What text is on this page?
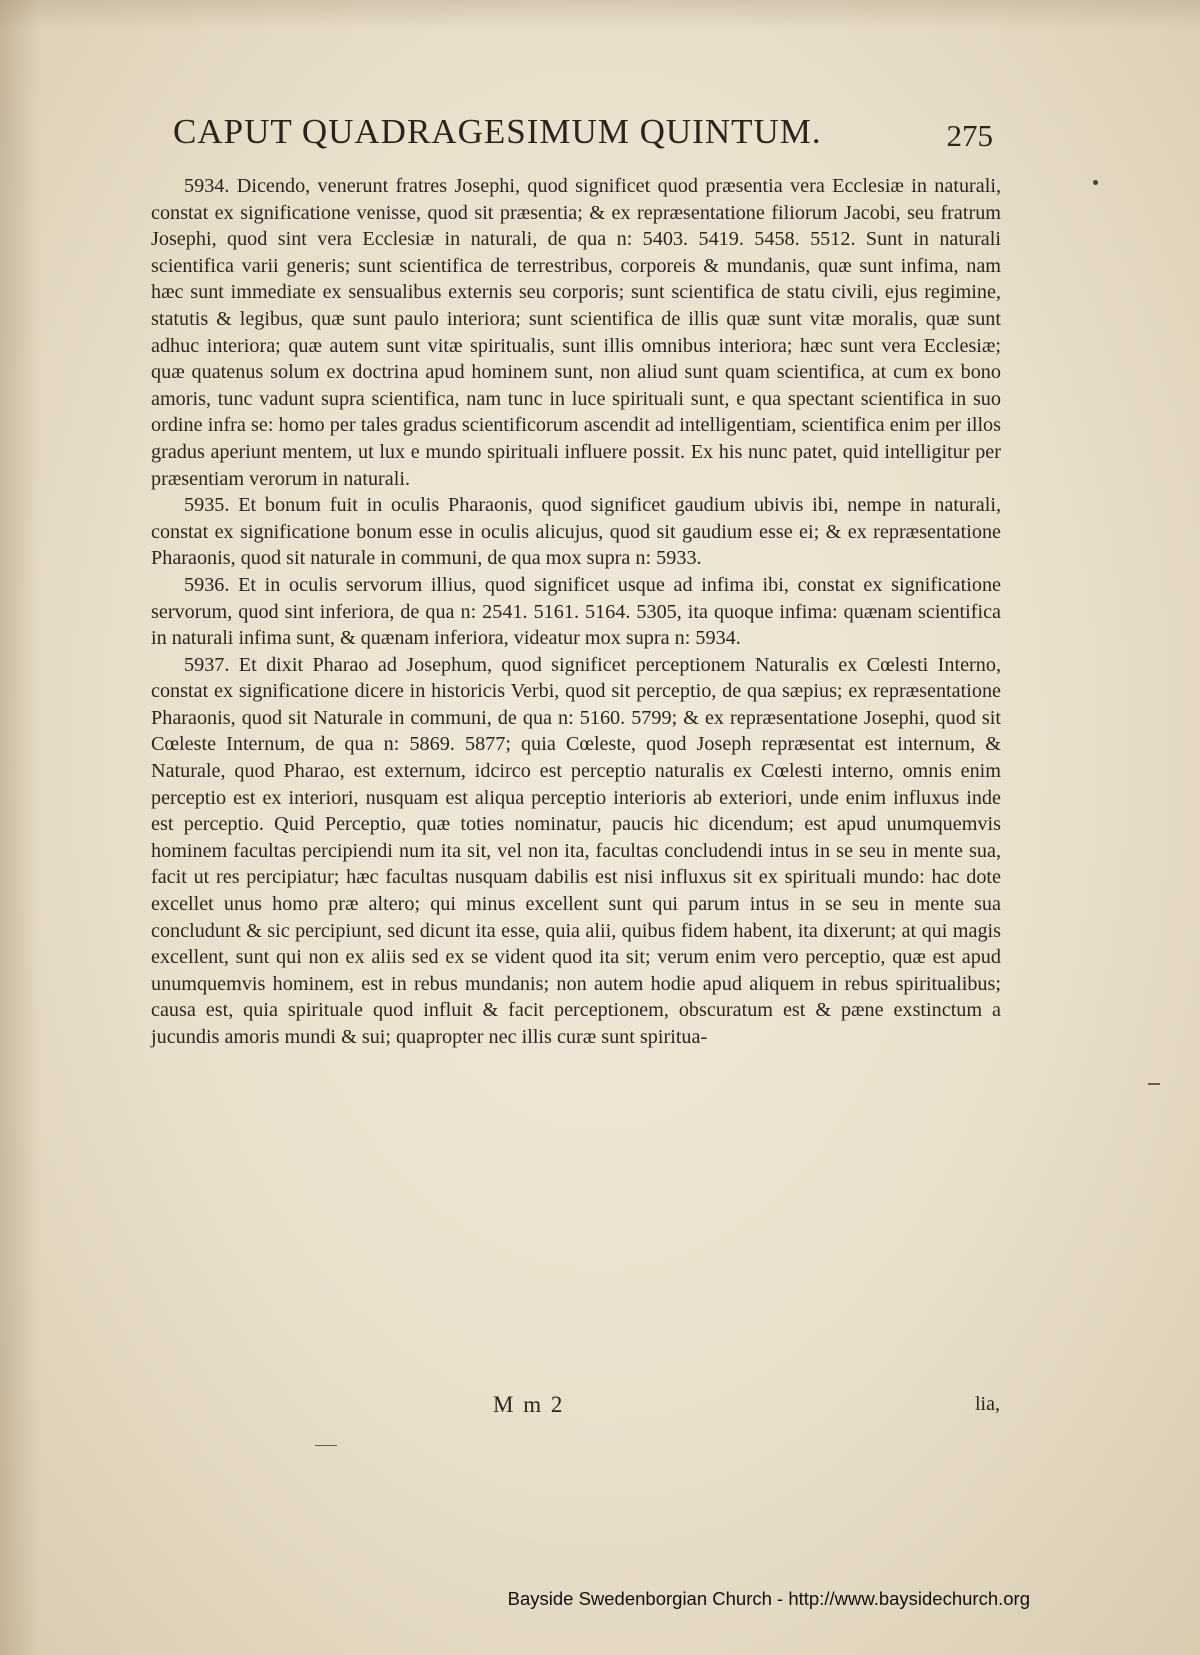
CAPUT QUADRAGESIMUM QUINTUM.	275

5934. Dicendo, venerunt fratres Josephi, quod significet quod præsentia vera Ecclesiæ in naturali, constat ex significatione venisse, quod sit præsentia; & ex repræsentatione filiorum Jacobi, seu fratrum Josephi, quod sint vera Ecclesiæ in naturali, de qua n: 5403. 5419. 5458. 5512. Sunt in naturali scientifica varii generis; sunt scientifica de terrestribus, corporeis & mundanis, quæ sunt infima, nam hæc sunt immediate ex sensualibus externis seu corporis; sunt scientifica de statu civili, ejus regimine, statutis & legibus, quæ sunt paulo interiora; sunt scientifica de illis quæ sunt vitæ moralis, quæ sunt adhuc interiora; quæ autem sunt vitæ spiritualis, sunt illis omnibus interiora; hæc sunt vera Ecclesiæ; quæ quatenus solum ex doctrina apud hominem sunt, non aliud sunt quam scientifica, at cum ex bono amoris, tunc vadunt supra scientifica, nam tunc in luce spirituali sunt, e qua spectant scientifica in suo ordine infra se: homo per tales gradus scientificorum ascendit ad intelligentiam, scientifica enim per illos gradus aperiunt mentem, ut lux e mundo spirituali influere possit. Ex his nunc patet, quid intelligitur per præsentiam verorum in naturali.

5935. Et bonum fuit in oculis Pharaonis, quod significet gaudium ubivis ibi, nempe in naturali, constat ex significatione bonum esse in oculis alicujus, quod sit gaudium esse ei; & ex repræsentatione Pharaonis, quod sit naturale in communi, de qua mox supra n: 5933.

5936. Et in oculis servorum illius, quod significet usque ad infima ibi, constat ex significatione servorum, quod sint inferiora, de qua n: 2541. 5161. 5164. 5305, ita quoque infima: quænam scientifica in naturali infima sunt, & quænam inferiora, videatur mox supra n: 5934.

5937. Et dixit Pharao ad Josephum, quod significet perceptionem Naturalis ex Cœlesti Interno, constat ex significatione dicere in historicis Verbi, quod sit perceptio, de qua sæpius; ex repræsentatione Pharaonis, quod sit Naturale in communi, de qua n: 5160. 5799; & ex repræsentatione Josephi, quod sit Cœleste Internum, de qua n: 5869. 5877; quia Cœleste, quod Joseph repræsentat est internum, & Naturale, quod Pharao, est externum, idcirco est perceptio naturalis ex Cœlesti interno, omnis enim perceptio est ex interiori, nusquam est aliqua perceptio interioris ab exteriori, unde enim influxus inde est perceptio. Quid Perceptio, quæ toties nominatur, paucis hic dicendum; est apud unumquemvis hominem facultas percipiendi num ita sit, vel non ita, facultas concludendi intus in se seu in mente sua, facit ut res percipiatur; hæc facultas nusquam dabilis est nisi influxus sit ex spirituali mundo: hac dote excellet unus homo præ altero; qui minus excellent sunt qui parum intus in se seu in mente sua concludunt & sic percipiunt, sed dicunt ita esse, quia alii, quibus fidem habent, ita dixerunt; at qui magis excellent, sunt qui non ex aliis sed ex se vident quod ita sit; verum enim vero perceptio, quæ est apud unumquemvis hominem, est in rebus mundanis; non autem hodie apud aliquem in rebus spiritualibus; causa est, quia spirituale quod influit & facit perceptionem, obscuratum est & pæne exstinctum a jucundis amoris mundi & sui; quapropter nec illis curæ sunt spiritua-

M m 2	lia,
Bayside Swedenborgian Church - http://www.baysidechurch.org
